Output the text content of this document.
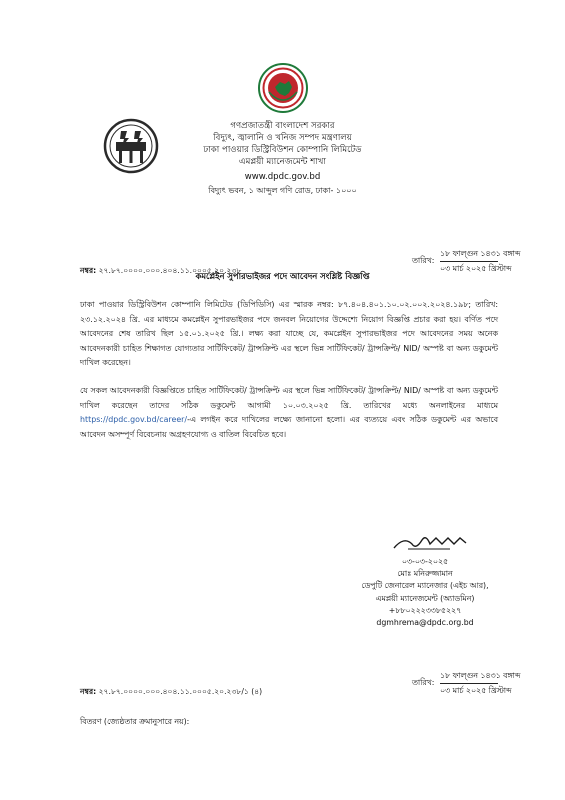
গণপ্রজাতন্ত্রী বাংলাদেশ সরকার
বিদ্যুৎ, জ্বালানি ও খনিজ সম্পদ মন্ত্রণালয়
ঢাকা পাওয়ার ডিস্ট্রিবিউশন কোম্পানি লিমিটেড
এমপ্লয়ী ম্যানেজমেন্ট শাখা
www.dpdc.gov.bd
বিদ্যুৎ ভবন, ১ আব্দুল গণি রোড, ঢাকা- ১০০০
নম্বর: ২৭.৮৭.০০০০.০০০.৪০৪.১১.০০০৫.২০.২৩৮
তারিখ:
১৮ ফাল্গুন ১৪৩১ বঙ্গাব্দ
০৩ মার্চ ২০২৫ খ্রিস্টাব্দ
কমপ্লেইন সুপারভাইজর পদে আবেদন সংশ্লিষ্ট বিজ্ঞপ্তি
ঢাকা পাওয়ার ডিস্ট্রিবিউশন কোম্পানি লিমিটেড (ডিপিডিসি) এর স্মারক নম্বর: ৮৭.৪০৪.৪০১.১০.০২.০০২.২০২৪.১৯৮; তারিখ: ২৩.১২.২০২৪ খ্রি. এর মাধ্যমে কমপ্লেইন সুপারভাইজর পদে জনবল নিয়োগের উদ্দেশ্যে নিয়োগ বিজ্ঞপ্তি প্রচার করা হয়। বর্ণিত পদে আবেদনের শেষ তারিখ ছিল ১৫.০১.২০২৫ খ্রি.। লক্ষ্য করা যাচ্ছে যে, কমপ্লেইন সুপারভাইজর পদে আবেদনের সময় অনেক আবেদনকারী চাহিত শিক্ষাগত যোগ্যতার সার্টিফিকেট/ ট্রান্সক্রিপ্ট এর স্থলে ভিন্ন সার্টিফিকেট/ ট্রান্সক্রিপ্ট/ NID/ অস্পষ্ট বা অন্য ডকুমেন্ট দাখিল করেছেন।
যে সকল আবেদনকারী বিজ্ঞপ্তিতে চাহিত সার্টিফিকেট/ ট্রান্সক্রিপ্ট এর স্থলে ভিন্ন সার্টিফিকেট/ ট্রান্সক্রিপ্ট/ NID/ অস্পষ্ট বা অন্য ডকুমেন্ট দাখিল করেছেন তাদের সঠিক ডকুমেন্ট আগামী ১০.০৩.২০২৫ খ্রি. তারিখের মধ্যে অনলাইনের মাধ্যমে https://dpdc.gov.bd/career/-এ লগইন করে দাখিলের লক্ষ্যে জানানো হলো। এর ব্যত্যয়ে এবং সঠিক ডকুমেন্ট এর অভাবে আবেদন অসম্পূর্ণ বিবেচনায় অগ্রহণযোগ্য ও বাতিল বিবেচিত হবে।
০৩-০৩-২০২৫
মোঃ মনিরুজ্জামান
ডেপুটি জেনারেল ম্যানেজার (এইচ আর),
এমপ্লয়ী ম্যানেজমেন্ট (অ্যাডমিন)
+৮৮০২২২৩৩৮৫২২৭
dgmhrema@dpdc.org.bd
নম্বর: ২৭.৮৭.০০০০.০০০.৪০৪.১১.০০০৫.২০.২৩৮/১ (৪)
তারিখ:
১৮ ফাল্গুন ১৪৩১ বঙ্গাব্দ
০৩ মার্চ ২০২৫ খ্রিস্টাব্দ
বিতরণ (জ্যেষ্ঠতার ক্রমানুসারে নয়):
